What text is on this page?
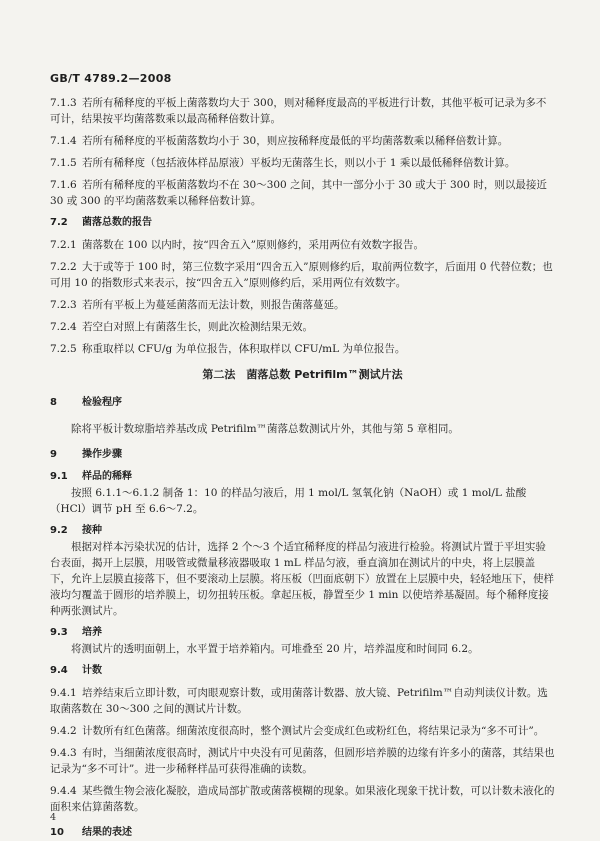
GB/T 4789.2—2008

7.1.3 若所有稀释度的平板上菌落数均大于 300，则对稀释度最高的平板进行计数，其他平板可记录为多不可计，结果按平均菌落数乘以最高稀释倍数计算。

7.1.4 若所有稀释度的平板菌落数均小于 30，则应按稀释度最低的平均菌落数乘以稀释倍数计算。

7.1.5 若所有稀释度（包括液体样品原液）平板均无菌落生长，则以小于 1 乘以最低稀释倍数计算。

7.1.6 若所有稀释度的平板菌落数均不在 30～300 之间，其中一部分小于 30 或大于 300 时，则以最接近 30 或 300 的平均菌落数乘以稀释倍数计算。

7.2 菌落总数的报告

7.2.1 菌落数在 100 以内时，按“四舍五入”原则修约，采用两位有效数字报告。

7.2.2 大于或等于 100 时，第三位数字采用“四舍五入”原则修约后，取前两位数字，后面用 0 代替位数；也可用 10 的指数形式来表示，按“四舍五入”原则修约后，采用两位有效数字。

7.2.3 若所有平板上为蔓延菌落而无法计数，则报告菌落蔓延。

7.2.4 若空白对照上有菌落生长，则此次检测结果无效。

7.2.5 称重取样以 CFU/g 为单位报告，体积取样以 CFU/mL 为单位报告。

第二法　菌落总数 Petrifilm™测试片法

8	检验程序

除将平板计数琼脂培养基改成 Petrifilm™菌落总数测试片外，其他与第 5 章相同。

9	操作步骤

9.1 样品的稀释

按照 6.1.1～6.1.2 制备 1：10 的样品匀液后，用 1 mol/L 氢氧化钠（NaOH）或 1 mol/L 盐酸（HCl）调节 pH 至 6.6～7.2。

9.2 接种

根据对样本污染状况的估计，选择 2 个～3 个适宜稀释度的样品匀液进行检验。将测试片置于平坦实验台表面，揭开上层膜，用吸管或微量移液器吸取 1 mL 样品匀液，垂直滴加在测试片的中央，将上层膜盖下，允许上层膜直接落下，但不要滚动上层膜。将压板（凹面底朝下）放置在上层膜中央，轻轻地压下，使样液均匀覆盖于圆形的培养膜上，切勿扭转压板。拿起压板，静置至少 1 min 以使培养基凝固。每个稀释度接种两张测试片。

9.3 培养

将测试片的透明面朝上，水平置于培养箱内。可堆叠至 20 片，培养温度和时间同 6.2。

9.4 计数

9.4.1 培养结束后立即计数，可肉眼观察计数，或用菌落计数器、放大镜、Petrifilm™自动判读仪计数。选取菌落数在 30～300 之间的测试片计数。

9.4.2 计数所有红色菌落。细菌浓度很高时，整个测试片会变成红色或粉红色，将结果记录为“多不可计”。

9.4.3 有时，当细菌浓度很高时，测试片中央没有可见菌落，但圆形培养膜的边缘有许多小的菌落，其结果也记录为“多不可计”。进一步稀释样品可获得准确的读数。

9.4.4 某些微生物会液化凝胶，造成局部扩散或菌落模糊的现象。如果液化现象干扰计数，可以计数未液化的面积来估算菌落数。

10 结果的表述

4
